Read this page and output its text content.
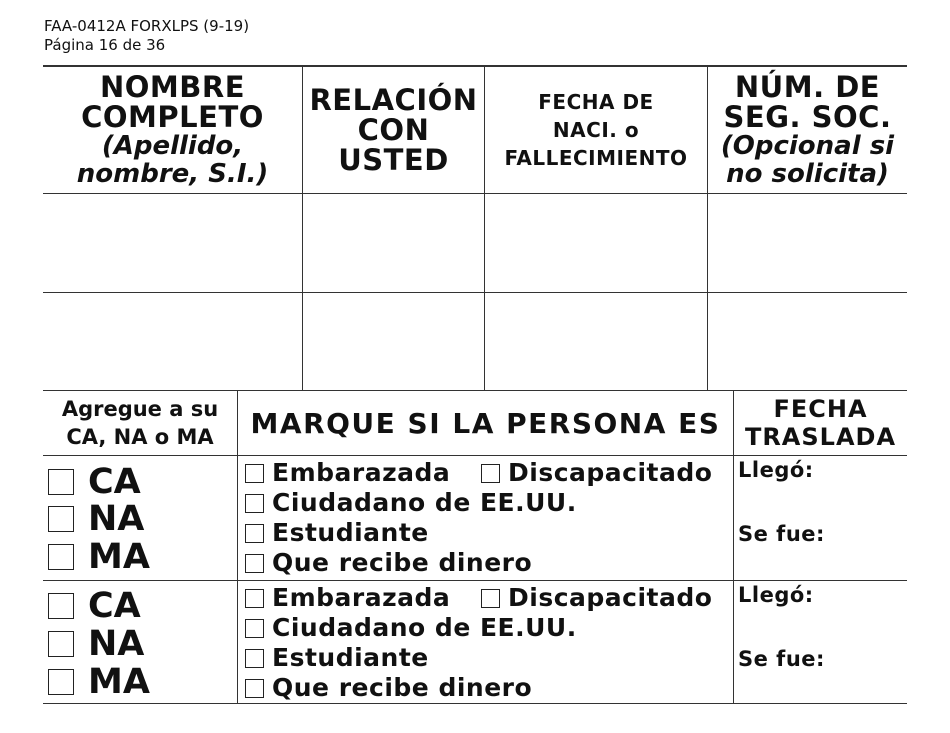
FAA-0412A FORXLPS (9-19)
Página 16 de 36
NOMBRE
COMPLETO
(Apellido,
nombre, S.I.)
RELACIÓN
CON
USTED
FECHA DE
NACI. o
FALLECIMIENTO
NÚM. DE
SEG. SOC.
(Opcional si
no solicita)
Agregue a su
CA, NA o MA MARQUE SI LA PERSONA ES FECHA
TRASLADA
CA
NA
MA
Embarazada Discapacitado
Ciudadano de EE.UU.
Estudiante
Que recibe dinero
Llegó:
Se fue:
CA
NA
MA
Embarazada Discapacitado
Ciudadano de EE.UU.
Estudiante
Que recibe dinero
Llegó:
Se fue:
